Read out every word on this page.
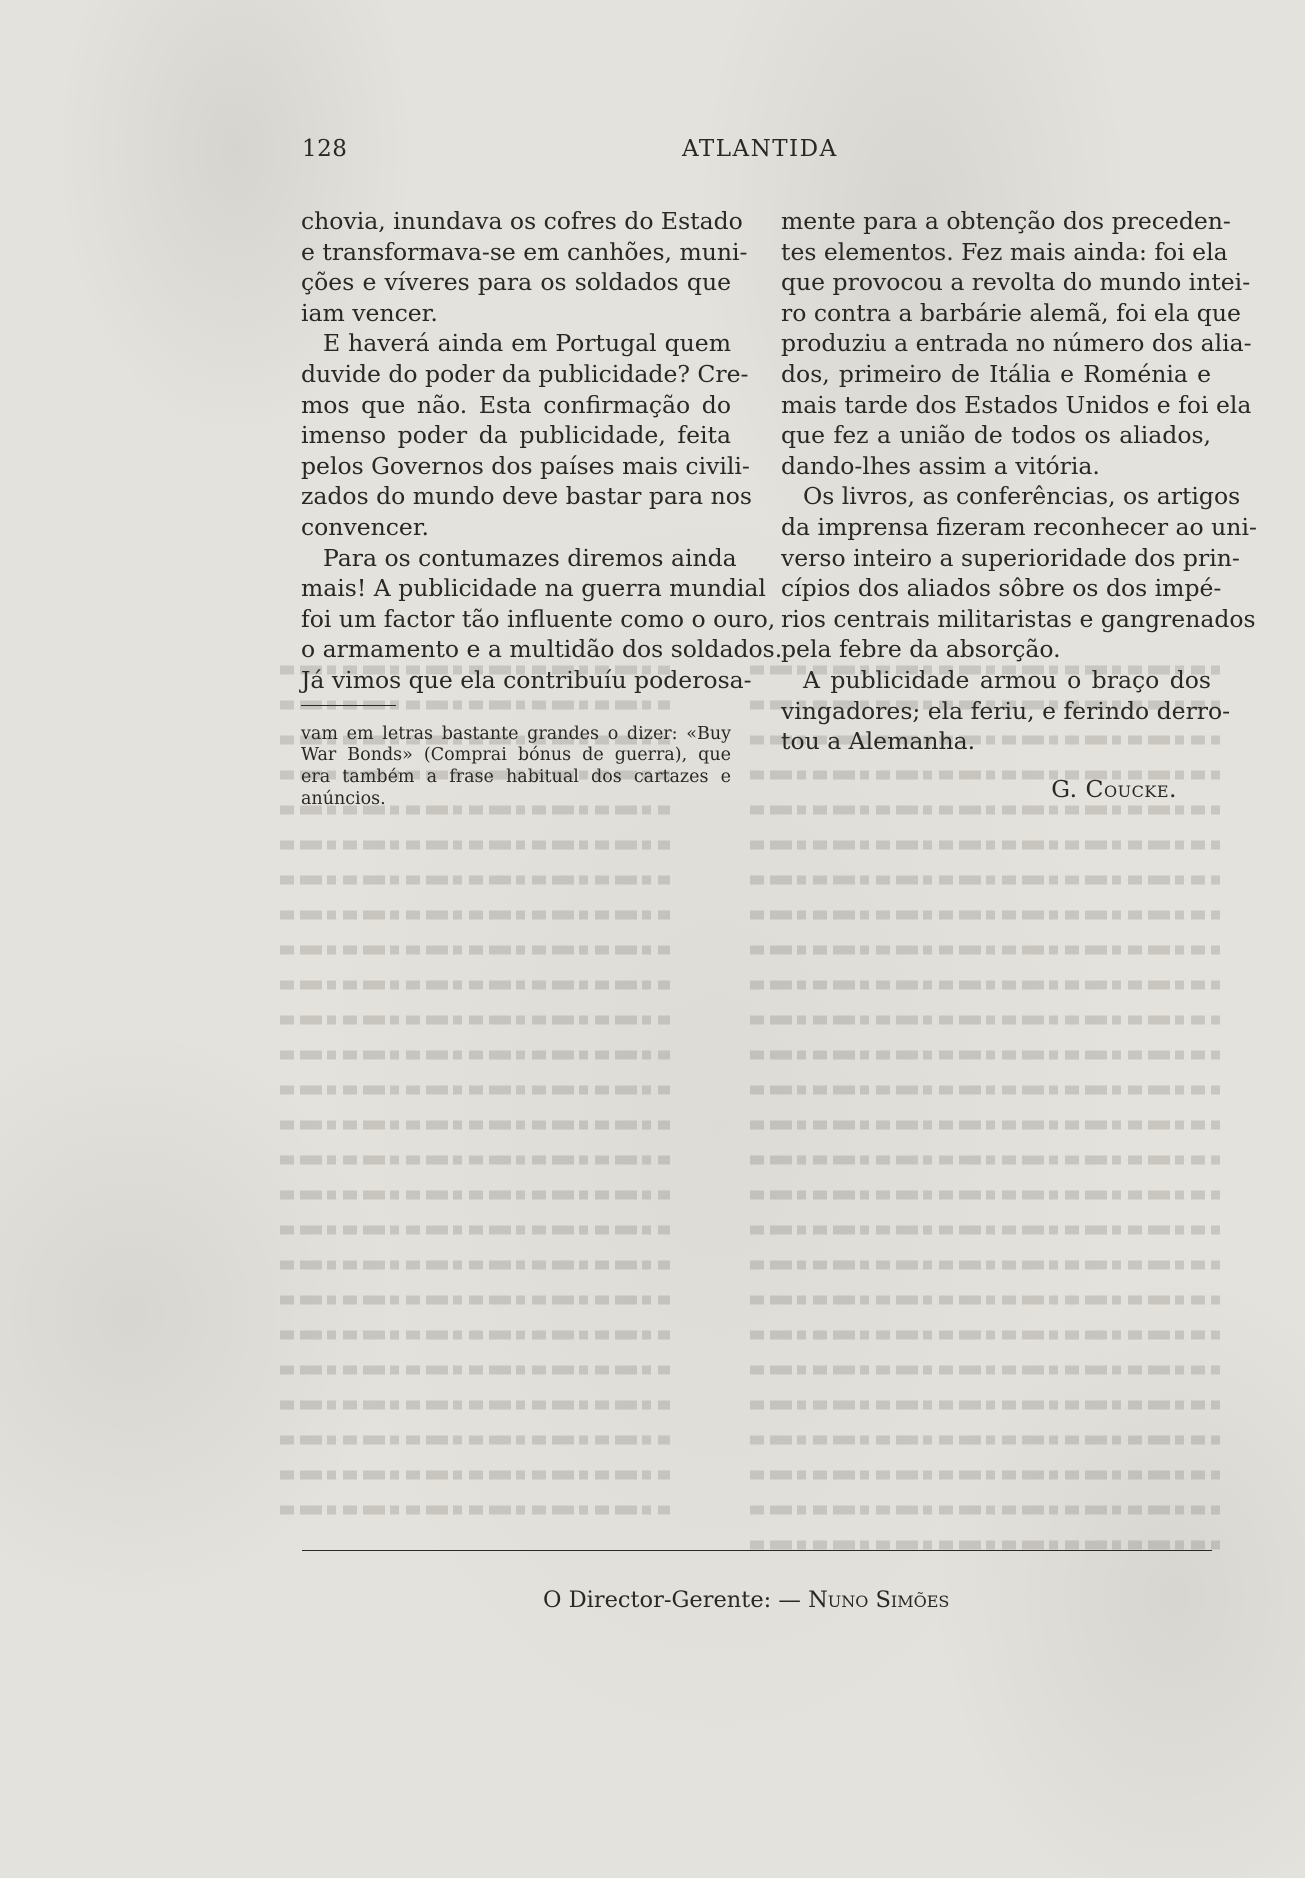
128	ATLANTIDA
chovia, inundava os cofres do Estado
e transformava-se em canhões, muni-
ções e víveres para os soldados que
iam vencer.
E haverá ainda em Portugal quem
duvide do poder da publicidade? Cre-
mos que não. Esta confirmação do
imenso poder da publicidade, feita
pelos Governos dos países mais civili-
zados do mundo deve bastar para nos
convencer.
Para os contumazes diremos ainda
mais! A publicidade na guerra mundial
foi um factor tão influente como o ouro,
o armamento e a multidão dos soldados.
Já vimos que ela contribuíu poderosa-
vam em letras bastante grandes o dizer: «Buy
War Bonds» (Comprai bónus de guerra), que
era também a frase habitual dos cartazes e
anúncios.
mente para a obtenção dos preceden-
tes elementos. Fez mais ainda: foi ela
que provocou a revolta do mundo intei-
ro contra a barbárie alemã, foi ela que
produziu a entrada no número dos alia-
dos, primeiro de Itália e Roménia e
mais tarde dos Estados Unidos e foi ela
que fez a união de todos os aliados,
dando-lhes assim a vitória.
Os livros, as conferências, os artigos
da imprensa fizeram reconhecer ao uni-
verso inteiro a superioridade dos prin-
cípios dos aliados sôbre os dos impé-
rios centrais militaristas e gangrenados
pela febre da absorção.
A publicidade armou o braço dos
vingadores; ela feriu, e ferindo derro-
tou a Alemanha.
G. Coucke.
O Director-Gerente: — Nuno Simões
